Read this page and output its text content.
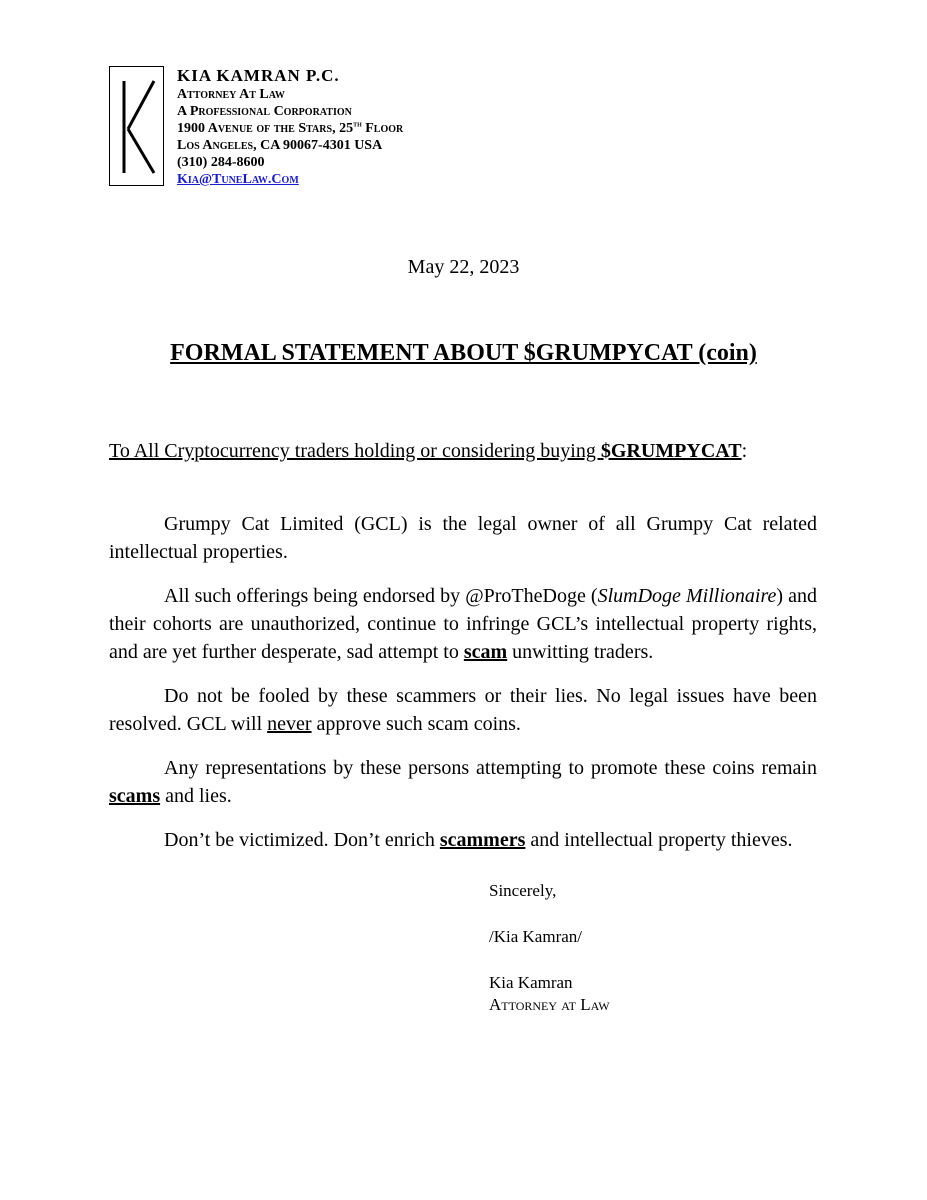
KIA KAMRAN P.C.
Attorney At Law
A Professional Corporation
1900 Avenue of the Stars, 25th Floor
Los Angeles, CA 90067-4301 USA
(310) 284-8600
Kia@TuneLaw.Com
May 22, 2023
FORMAL STATEMENT ABOUT $GRUMPYCAT (coin)
To All Cryptocurrency traders holding or considering buying $GRUMPYCAT:

Grumpy Cat Limited (GCL) is the legal owner of all Grumpy Cat related intellectual properties.

All such offerings being endorsed by @ProTheDoge (SlumDoge Millionaire) and their cohorts are unauthorized, continue to infringe GCL’s intellectual property rights, and are yet further desperate, sad attempt to scam unwitting traders.

Do not be fooled by these scammers or their lies. No legal issues have been resolved. GCL will never approve such scam coins.

Any representations by these persons attempting to promote these coins remain scams and lies.

Don’t be victimized. Don’t enrich scammers and intellectual property thieves.

Sincerely,
/Kia Kamran/
Kia Kamran
Attorney at Law
